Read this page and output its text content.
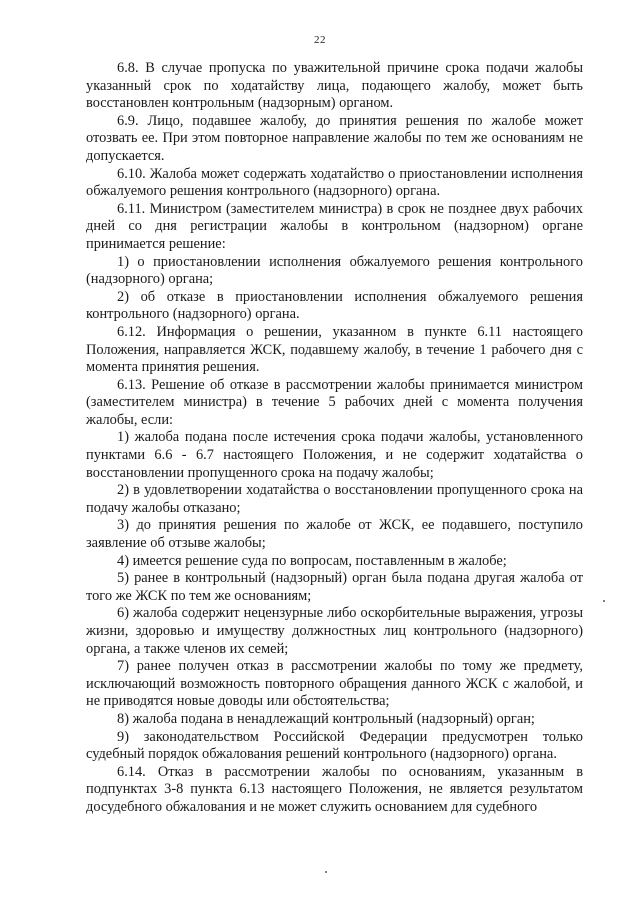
22

6.8. В случае пропуска по уважительной причине срока подачи жалобы указанный срок по ходатайству лица, подающего жалобу, может быть восстановлен контрольным (надзорным) органом.

6.9. Лицо, подавшее жалобу, до принятия решения по жалобе может отозвать ее. При этом повторное направление жалобы по тем же основаниям не допускается.

6.10. Жалоба может содержать ходатайство о приостановлении исполнения обжалуемого решения контрольного (надзорного) органа.

6.11. Министром (заместителем министра) в срок не позднее двух рабочих дней со дня регистрации жалобы в контрольном (надзорном) органе принимается решение:

1) о приостановлении исполнения обжалуемого решения контрольного (надзорного) органа;

2) об отказе в приостановлении исполнения обжалуемого решения контрольного (надзорного) органа.

6.12. Информация о решении, указанном в пункте 6.11 настоящего Положения, направляется ЖСК, подавшему жалобу, в течение 1 рабочего дня с момента принятия решения.

6.13. Решение об отказе в рассмотрении жалобы принимается министром (заместителем министра) в течение 5 рабочих дней с момента получения жалобы, если:

1) жалоба подана после истечения срока подачи жалобы, установленного пунктами 6.6 - 6.7 настоящего Положения, и не содержит ходатайства о восстановлении пропущенного срока на подачу жалобы;

2) в удовлетворении ходатайства о восстановлении пропущенного срока на подачу жалобы отказано;

3) до принятия решения по жалобе от ЖСК, ее подавшего, поступило заявление об отзыве жалобы;

4) имеется решение суда по вопросам, поставленным в жалобе;

5) ранее в контрольный (надзорный) орган была подана другая жалоба от того же ЖСК по тем же основаниям;

6) жалоба содержит нецензурные либо оскорбительные выражения, угрозы жизни, здоровью и имуществу должностных лиц контрольного (надзорного) органа, а также членов их семей;

7) ранее получен отказ в рассмотрении жалобы по тому же предмету, исключающий возможность повторного обращения данного ЖСК с жалобой, и не приводятся новые доводы или обстоятельства;

8) жалоба подана в ненадлежащий контрольный (надзорный) орган;

9) законодательством Российской Федерации предусмотрен только судебный порядок обжалования решений контрольного (надзорного) органа.

6.14. Отказ в рассмотрении жалобы по основаниям, указанным в подпунктах 3-8 пункта 6.13 настоящего Положения, не является результатом досудебного обжалования и не может служить основанием для судебного
